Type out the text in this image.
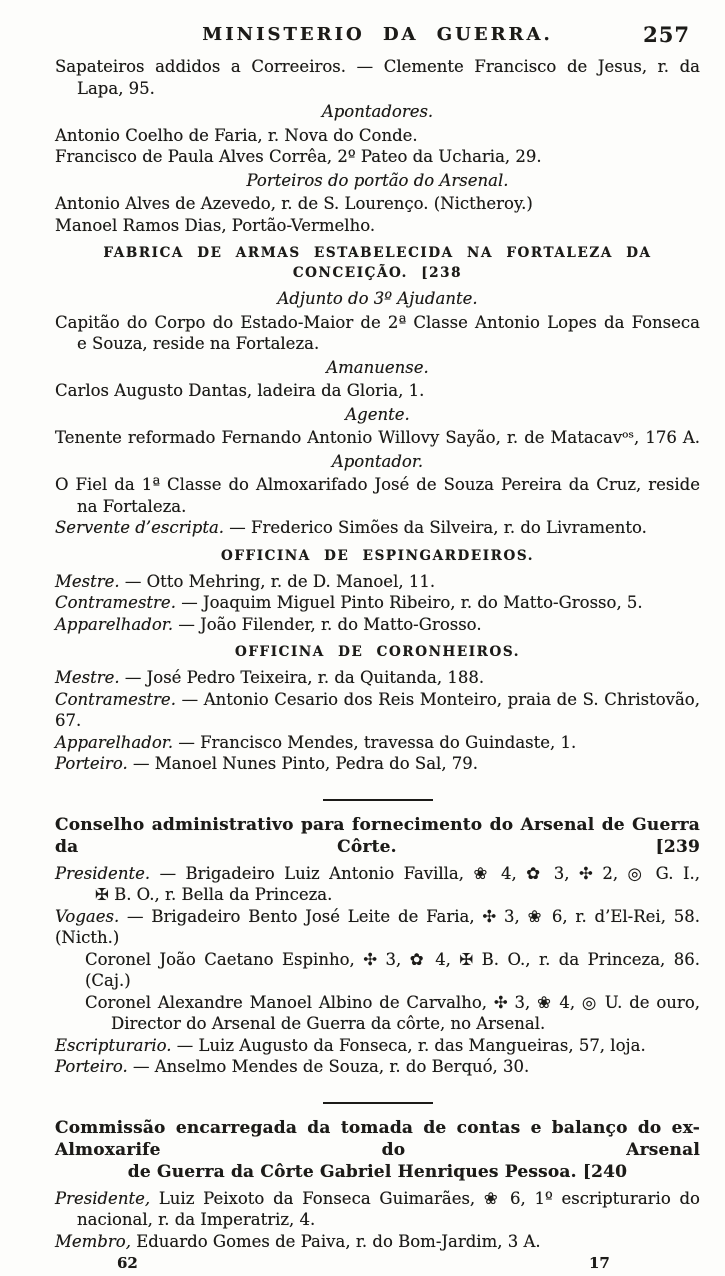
MINISTERIO DA GUERRA.	257
Sapateiros addidos a Correeiros. — Clemente Francisco de Jesus, r. da
Lapa, 95.
Apontadores.
Antonio Coelho de Faria, r. Nova do Conde.
Francisco de Paula Alves Corrêa, 2º Pateo da Ucharia, 29.
Porteiros do portão do Arsenal.
Antonio Alves de Azevedo, r. de S. Lourenço. (Nictheroy.)
Manoel Ramos Dias, Portão-Vermelho.
FABRICA DE ARMAS ESTABELECIDA NA FORTALEZA DA CONCEIÇÃO. [238
Adjunto do 3º Ajudante.
Capitão do Corpo do Estado-Maior de 2ª Classe Antonio Lopes da Fonseca
e Souza, reside na Fortaleza.
Amanuense.
Carlos Augusto Dantas, ladeira da Gloria, 1.
Agente.
Tenente reformado Fernando Antonio Willovy Sayão, r. de Matacavᵒˢ, 176 A.
Apontador.
O Fiel da 1ª Classe do Almoxarifado José de Souza Pereira da Cruz, reside
na Fortaleza.
Servente d’escripta. — Frederico Simões da Silveira, r. do Livramento.
OFFICINA DE ESPINGARDEIROS.
Mestre. — Otto Mehring, r. de D. Manoel, 11.
Contramestre. — Joaquim Miguel Pinto Ribeiro, r. do Matto-Grosso, 5.
Apparelhador. — João Filender, r. do Matto-Grosso.
OFFICINA DE CORONHEIROS.
Mestre. — José Pedro Teixeira, r. da Quitanda, 188.
Contramestre. — Antonio Cesario dos Reis Monteiro, praia de S. Christovão, 67.
Apparelhador. — Francisco Mendes, travessa do Guindaste, 1.
Porteiro. — Manoel Nunes Pinto, Pedra do Sal, 79.
Conselho administrativo para fornecimento do Arsenal de Guerra da Côrte. [239
Presidente. — Brigadeiro Luiz Antonio Favilla, ❀ 4, ✿ 3, ✣ 2, ◎ G. I.,
✠ B. O., r. Bella da Princeza.
Vogaes. — Brigadeiro Bento José Leite de Faria, ✣ 3, ❀ 6, r. d’El-Rei, 58. (Nicth.)
Coronel João Caetano Espinho, ✣ 3, ✿ 4, ✠ B. O., r. da Princeza, 86. (Caj.)
Coronel Alexandre Manoel Albino de Carvalho, ✣ 3, ❀ 4, ◎ U. de ouro,
Director do Arsenal de Guerra da côrte, no Arsenal.
Escripturario. — Luiz Augusto da Fonseca, r. das Mangueiras, 57, loja.
Porteiro. — Anselmo Mendes de Souza, r. do Berquó, 30.
Commissão encarregada da tomada de contas e balanço do ex-Almoxarife do Arsenal
de Guerra da Côrte Gabriel Henriques Pessoa. [240
Presidente, Luiz Peixoto da Fonseca Guimarães, ❀ 6, 1º escripturario do
nacional, r. da Imperatriz, 4.
Membro, Eduardo Gomes de Paiva, r. do Bom-Jardim, 3 A.
62	17
